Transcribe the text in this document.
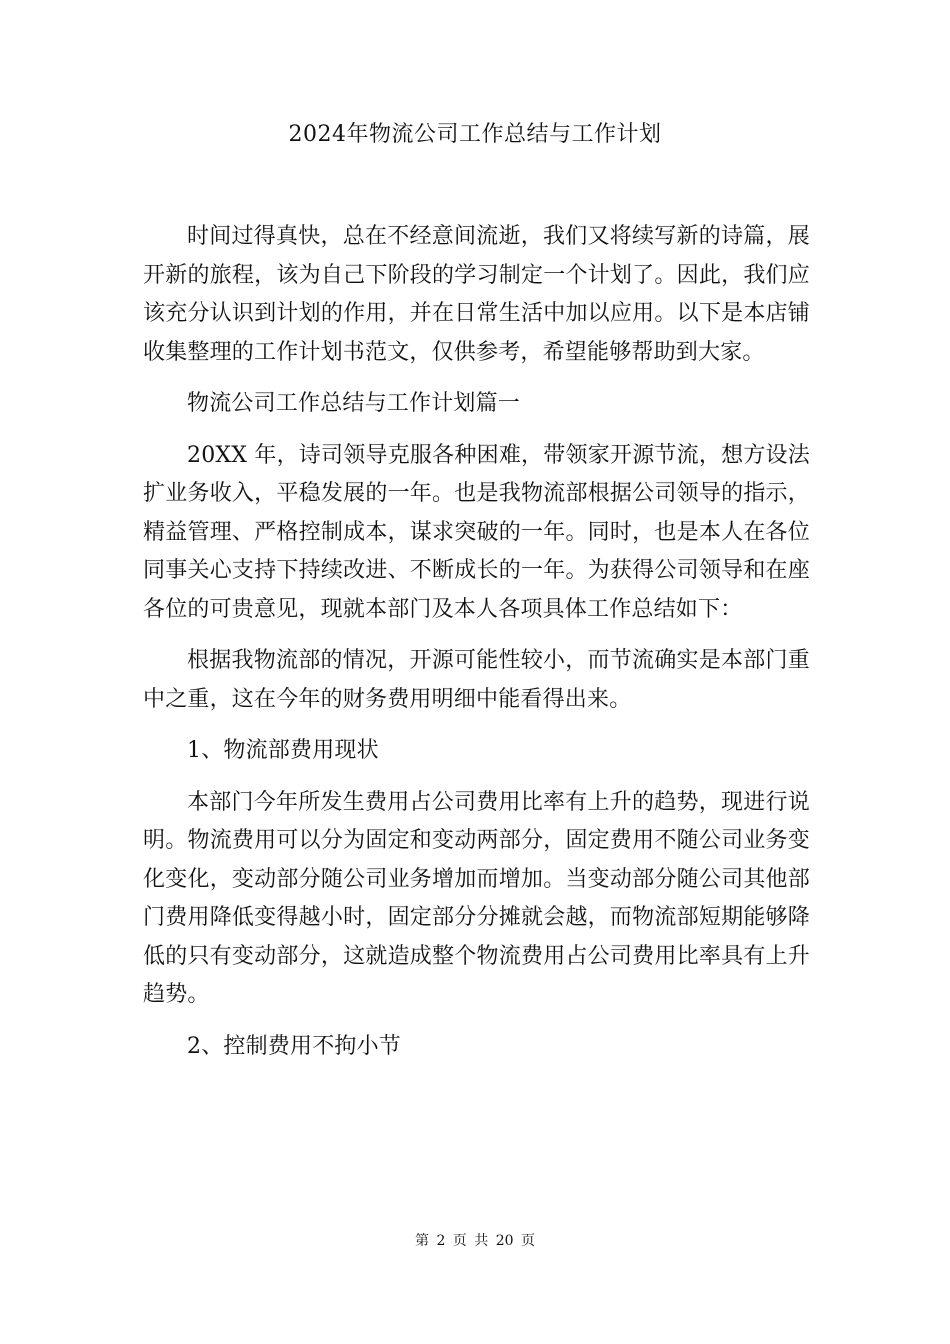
2024年物流公司工作总结与工作计划

时间过得真快，总在不经意间流逝，我们又将续写新的诗篇，展开新的旅程，该为自己下阶段的学习制定一个计划了。因此，我们应该充分认识到计划的作用，并在日常生活中加以应用。以下是本店铺收集整理的工作计划书范文，仅供参考，希望能够帮助到大家。

物流公司工作总结与工作计划篇一

20XX 年，诗司领导克服各种困难，带领家开源节流，想方设法扩业务收入，平稳发展的一年。也是我物流部根据公司领导的指示，精益管理、严格控制成本，谋求突破的一年。同时，也是本人在各位同事关心支持下持续改进、不断成长的一年。为获得公司领导和在座各位的可贵意见，现就本部门及本人各项具体工作总结如下：

根据我物流部的情况，开源可能性较小，而节流确实是本部门重中之重，这在今年的财务费用明细中能看得出来。

1、物流部费用现状

本部门今年所发生费用占公司费用比率有上升的趋势，现进行说明。物流费用可以分为固定和变动两部分，固定费用不随公司业务变化变化，变动部分随公司业务增加而增加。当变动部分随公司其他部门费用降低变得越小时，固定部分分摊就会越，而物流部短期能够降低的只有变动部分，这就造成整个物流费用占公司费用比率具有上升趋势。

2、控制费用不拘小节

第 2 页 共 20 页
